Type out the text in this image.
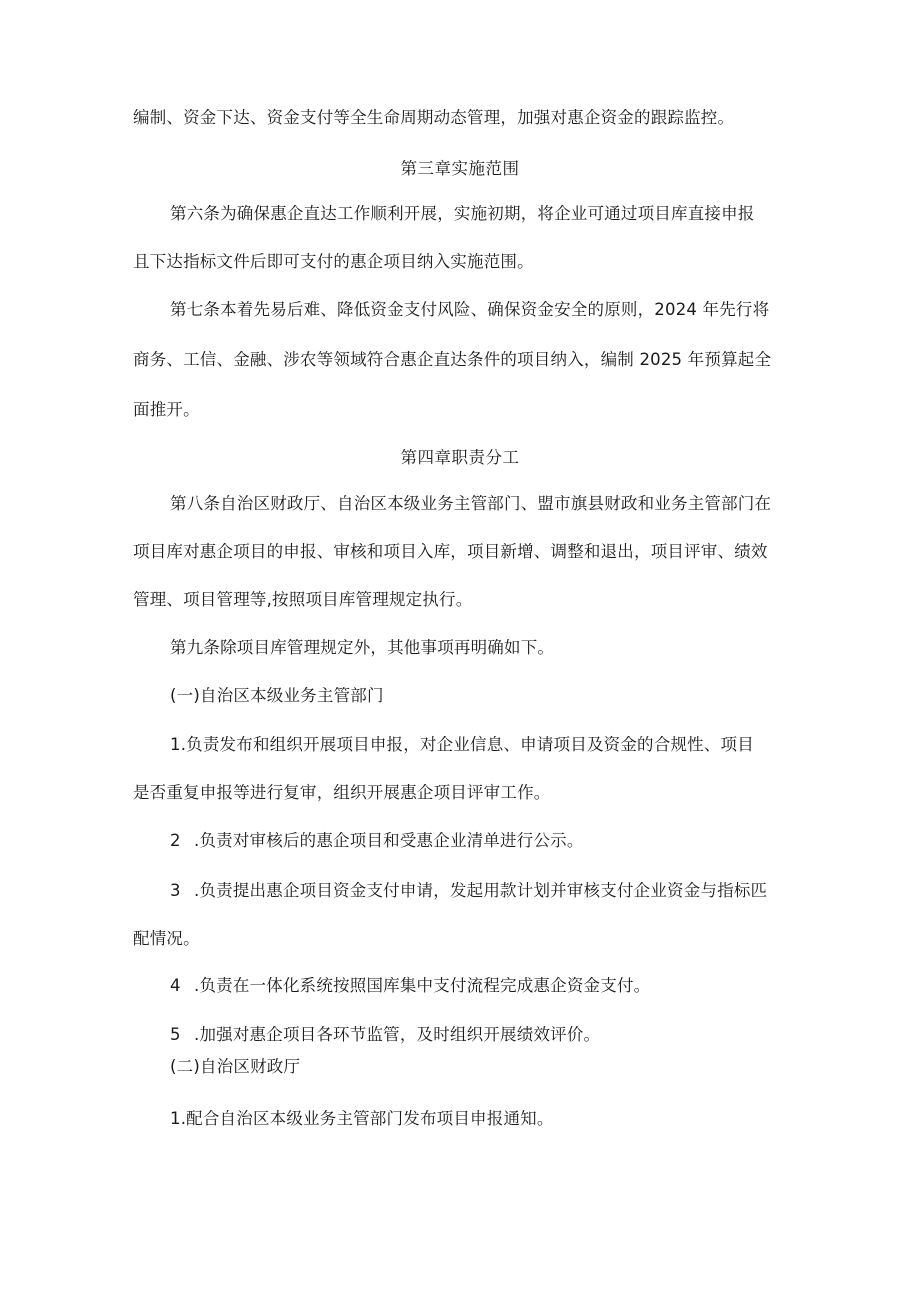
编制、资金下达、资金支付等全生命周期动态管理，加强对惠企资金的跟踪监控。
第三章实施范围
第六条为确保惠企直达工作顺利开展，实施初期，将企业可通过项目库直接申报
且下达指标文件后即可支付的惠企项目纳入实施范围。
第七条本着先易后难、降低资金支付风险、确保资金安全的原则，2024 年先行将
商务、工信、金融、涉农等领域符合惠企直达条件的项目纳入，编制 2025 年预算起全
面推开。
第四章职责分工
第八条自治区财政厅、自治区本级业务主管部门、盟市旗县财政和业务主管部门在
项目库对惠企项目的申报、审核和项目入库，项目新增、调整和退出，项目评审、绩效
管理、项目管理等,按照项目库管理规定执行。
第九条除项目库管理规定外，其他事项再明确如下。
(一)自治区本级业务主管部门
1.负责发布和组织开展项目申报，对企业信息、申请项目及资金的合规性、项目
是否重复申报等进行复审，组织开展惠企项目评审工作。
2 .负责对审核后的惠企项目和受惠企业清单进行公示。
3 .负责提出惠企项目资金支付申请，发起用款计划并审核支付企业资金与指标匹
配情况。
4 .负责在一体化系统按照国库集中支付流程完成惠企资金支付。
5 .加强对惠企项目各环节监管，及时组织开展绩效评价。
(二)自治区财政厅
1.配合自治区本级业务主管部门发布项目申报通知。
